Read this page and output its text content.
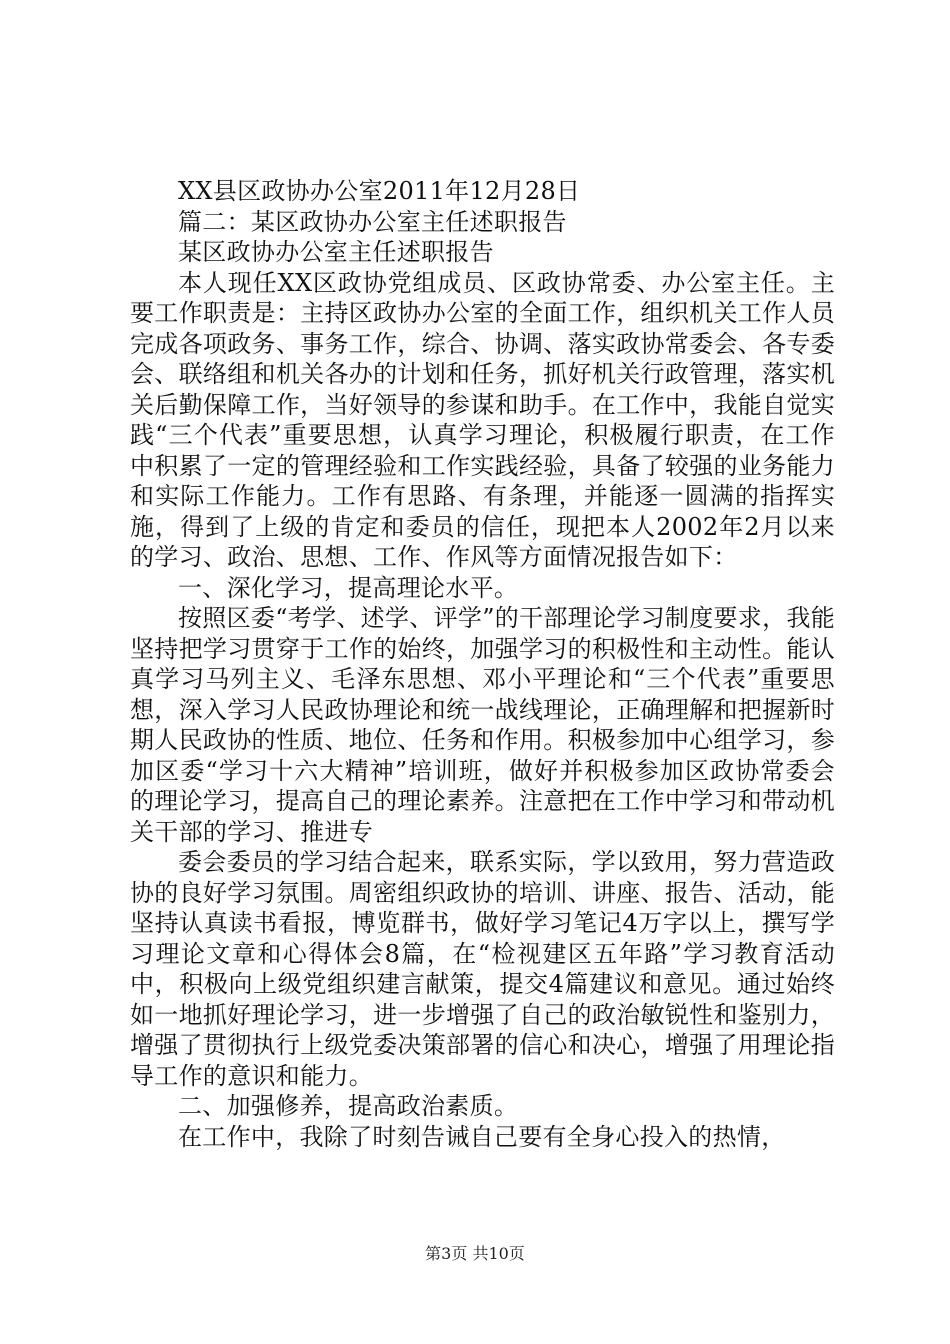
XX县区政协办公室2011年12月28日

篇二：某区政协办公室主任述职报告

某区政协办公室主任述职报告

本人现任XX区政协党组成员、区政协常委、办公室主任。主要工作职责是：主持区政协办公室的全面工作，组织机关工作人员完成各项政务、事务工作，综合、协调、落实政协常委会、各专委会、联络组和机关各办的计划和任务，抓好机关行政管理，落实机关后勤保障工作，当好领导的参谋和助手。在工作中，我能自觉实践“三个代表”重要思想，认真学习理论，积极履行职责，在工作中积累了一定的管理经验和工作实践经验，具备了较强的业务能力和实际工作能力。工作有思路、有条理，并能逐一圆满的指挥实施，得到了上级的肯定和委员的信任，现把本人2002年2月以来的学习、政治、思想、工作、作风等方面情况报告如下：

一、深化学习，提高理论水平。

按照区委“考学、述学、评学”的干部理论学习制度要求，我能坚持把学习贯穿于工作的始终，加强学习的积极性和主动性。能认真学习马列主义、毛泽东思想、邓小平理论和“三个代表”重要思想，深入学习人民政协理论和统一战线理论，正确理解和把握新时期人民政协的性质、地位、任务和作用。积极参加中心组学习，参加区委“学习十六大精神”培训班，做好并积极参加区政协常委会的理论学习，提高自己的理论素养。注意把在工作中学习和带动机关干部的学习、推进专

委会委员的学习结合起来，联系实际，学以致用，努力营造政协的良好学习氛围。周密组织政协的培训、讲座、报告、活动，能坚持认真读书看报，博览群书，做好学习笔记4万字以上，撰写学习理论文章和心得体会8篇，在“检视建区五年路”学习教育活动中，积极向上级党组织建言献策，提交4篇建议和意见。通过始终如一地抓好理论学习，进一步增强了自己的政治敏锐性和鉴别力，增强了贯彻执行上级党委决策部署的信心和决心，增强了用理论指导工作的意识和能力。

二、加强修养，提高政治素质。

在工作中，我除了时刻告诫自己要有全身心投入的热情，

第3页 共10页
